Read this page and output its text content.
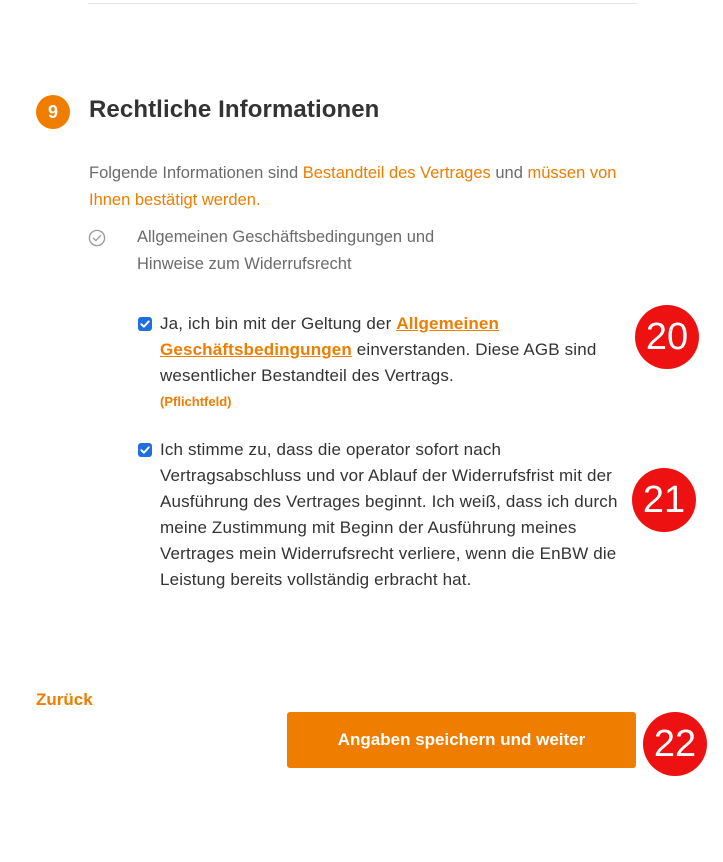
9	Rechtliche Informationen
Folgende Informationen sind Bestandteil des Vertrages und müssen von Ihnen bestätigt werden.
Allgemeinen Geschäftsbedingungen und
Hinweise zum Widerrufsrecht
Ja, ich bin mit der Geltung der Allgemeinen Geschäftsbedingungen einverstanden. Diese AGB sind wesentlicher Bestandteil des Vertrags.
(Pflichtfeld)
Ich stimme zu, dass die operator sofort nach Vertragsabschluss und vor Ablauf der Widerrufsfrist mit der Ausführung des Vertrages beginnt. Ich weiß, dass ich durch meine Zustimmung mit Beginn der Ausführung meines Vertrages mein Widerrufsrecht verliere, wenn die EnBW die Leistung bereits vollständig erbracht hat.
20
21
22
Zurück
Angaben speichern und weiter
